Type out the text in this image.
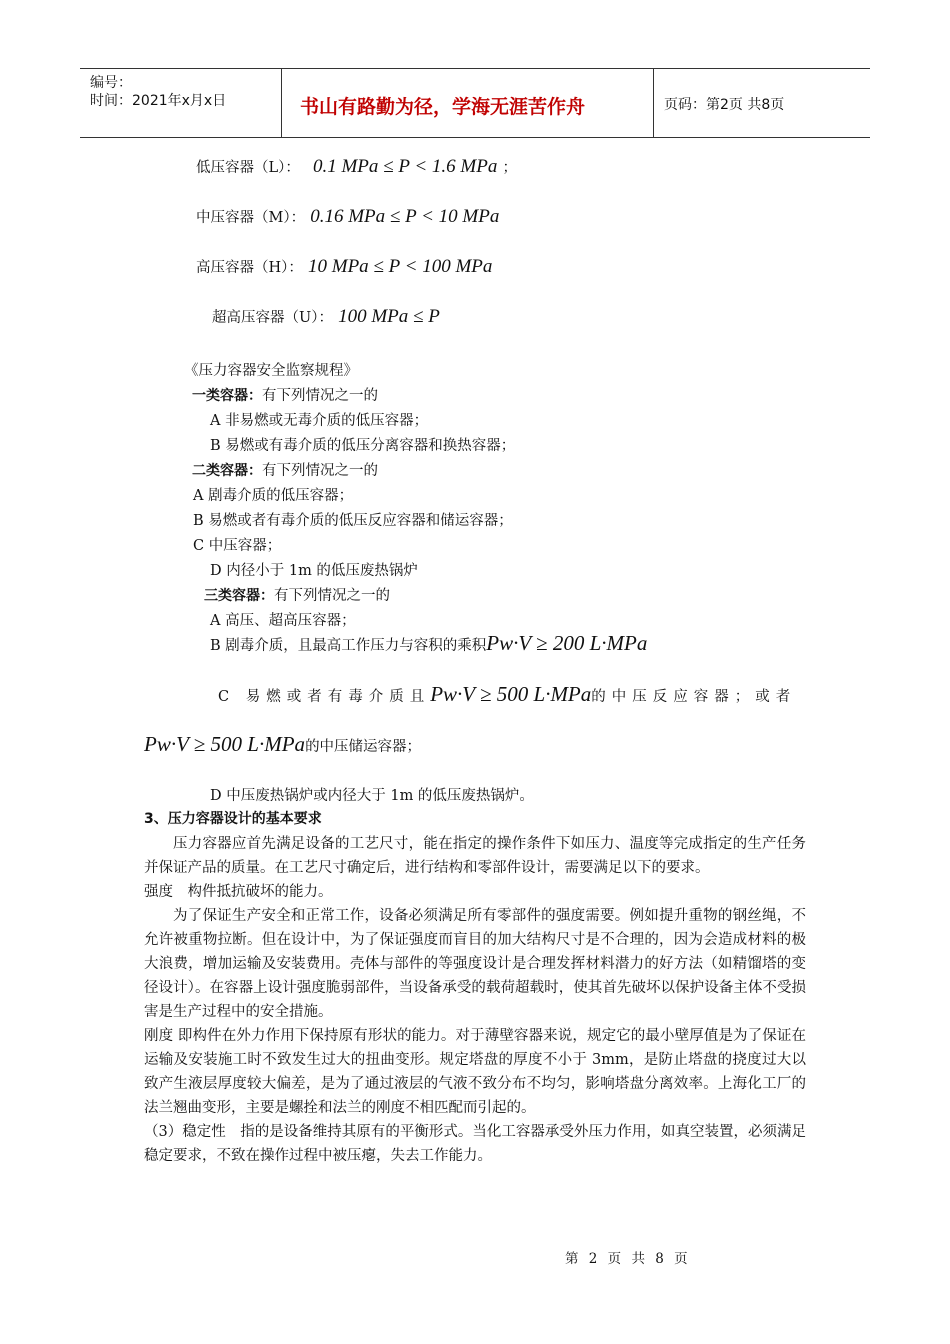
编号：
时间：2021年x月x日	书山有路勤为径，学海无涯苦作舟	页码：第2页 共8页
低压容器（L）： 0.1 MPa ≤ P < 1.6 MPa ；
中压容器（M）： 0.16 MPa ≤ P < 10 MPa
高压容器（H）： 10 MPa ≤ P < 100 MPa
超高压容器（U）： 100 MPa ≤ P
《压力容器安全监察规程》
一类容器：有下列情况之一的
A 非易燃或无毒介质的低压容器；
B 易燃或有毒介质的低压分离容器和换热容器；
二类容器：有下列情况之一的
A 剧毒介质的低压容器；
B 易燃或者有毒介质的低压反应容器和储运容器；
C 中压容器；
D 内径小于 1m 的低压废热锅炉
三类容器：有下列情况之一的
A 高压、超高压容器；
B 剧毒介质，且最高工作压力与容积的乘积Pw·V ≥ 200 L·MPa
C 易燃或者有毒介质且Pw·V ≥ 500 L·MPa的中压反应容器；或者
Pw·V ≥ 500 L·MPa的中压储运容器；
D 中压废热锅炉或内径大于 1m 的低压废热锅炉。
3、压力容器设计的基本要求

压力容器应首先满足设备的工艺尺寸，能在指定的操作条件下如压力、温度等完成指定的生产任务并保证产品的质量。在工艺尺寸确定后，进行结构和零部件设计，需要满足以下的要求。

强度　构件抵抗破坏的能力。

为了保证生产安全和正常工作，设备必须满足所有零部件的强度需要。例如提升重物的钢丝绳，不允许被重物拉断。但在设计中，为了保证强度而盲目的加大结构尺寸是不合理的，因为会造成材料的极大浪费，增加运输及安装费用。壳体与部件的等强度设计是合理发挥材料潜力的好方法（如精馏塔的变径设计）。在容器上设计强度脆弱部件，当设备承受的载荷超载时，使其首先破坏以保护设备主体不受损害是生产过程中的安全措施。

刚度 即构件在外力作用下保持原有形状的能力。对于薄壁容器来说，规定它的最小壁厚值是为了保证在运输及安装施工时不致发生过大的扭曲变形。规定塔盘的厚度不小于 3mm，是防止塔盘的挠度过大以致产生液层厚度较大偏差，是为了通过液层的气液不致分布不均匀，影响塔盘分离效率。上海化工厂的法兰翘曲变形，主要是螺拴和法兰的刚度不相匹配而引起的。

（3）稳定性　指的是设备维持其原有的平衡形式。当化工容器承受外压力作用，如真空装置，必须满足稳定要求，不致在操作过程中被压瘪，失去工作能力。

第 2 页 共 8 页
